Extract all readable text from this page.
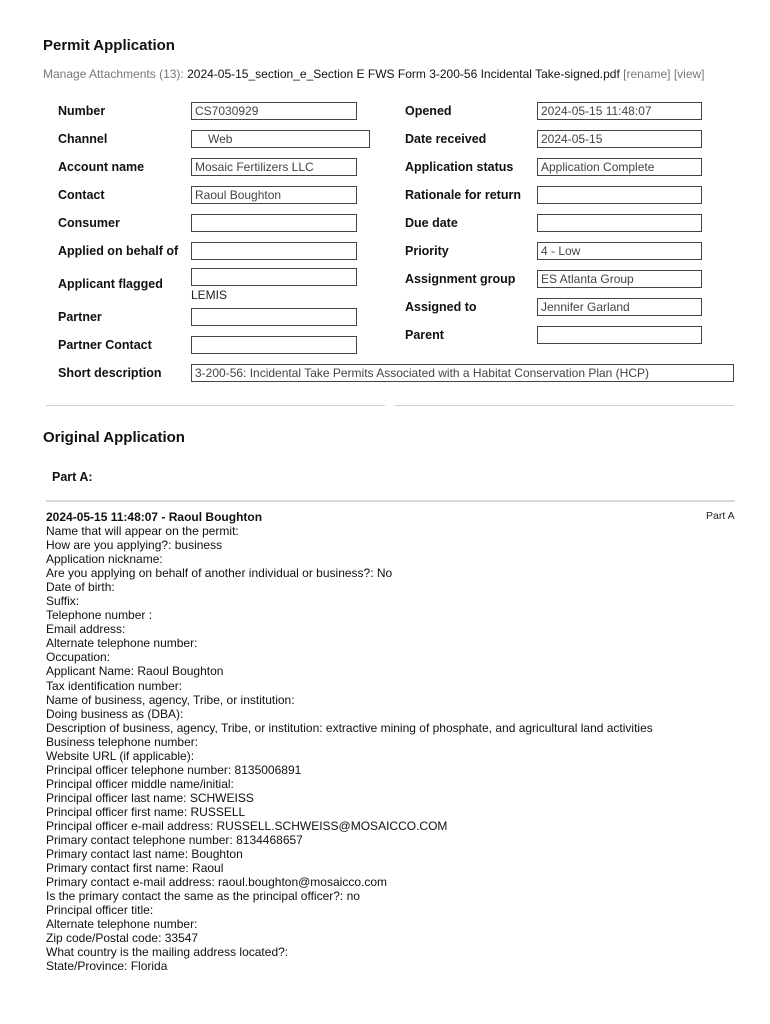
Permit Application
Manage Attachments (13): 2024-05-15_section_e_Section E FWS Form 3-200-56 Incidental Take-signed.pdf [rename] [view]
Number
Channel
Account name
Contact
Consumer
Applied on behalf of
Applicant flagged
Partner
Partner Contact
CS7030929
Web
Mosaic Fertilizers LLC
Raoul Boughton
LEMIS
Opened
Date received
Application status
Rationale for return
Due date
Priority
Assignment group
Assigned to
Parent
2024-05-15 11:48:07
2024-05-15
Application Complete
4 - Low
ES Atlanta Group
Jennifer Garland
Short description	3-200-56: Incidental Take Permits Associated with a Habitat Conservation Plan (HCP)
Original Application
Part A:
2024-05-15 11:48:07 - Raoul Boughton	Part A
Name that will appear on the permit:
How are you applying?: business
Application nickname:
Are you applying on behalf of another individual or business?: No
Date of birth:
Suffix:
Telephone number :
Email address:
Alternate telephone number:
Occupation:
Applicant Name: Raoul Boughton
Tax identification number:
Name of business, agency, Tribe, or institution:
Doing business as (DBA):
Description of business, agency, Tribe, or institution: extractive mining of phosphate, and agricultural land activities
Business telephone number:
Website URL (if applicable):
Principal officer telephone number: 8135006891
Principal officer middle name/initial:
Principal officer last name: SCHWEISS
Principal officer first name: RUSSELL
Principal officer e-mail address: RUSSELL.SCHWEISS@MOSAICCO.COM
Primary contact telephone number: 8134468657
Primary contact last name: Boughton
Primary contact first name: Raoul
Primary contact e-mail address: raoul.boughton@mosaicco.com
Is the primary contact the same as the principal officer?: no
Principal officer title:
Alternate telephone number:
Zip code/Postal code: 33547
What country is the mailing address located?:
State/Province: Florida
